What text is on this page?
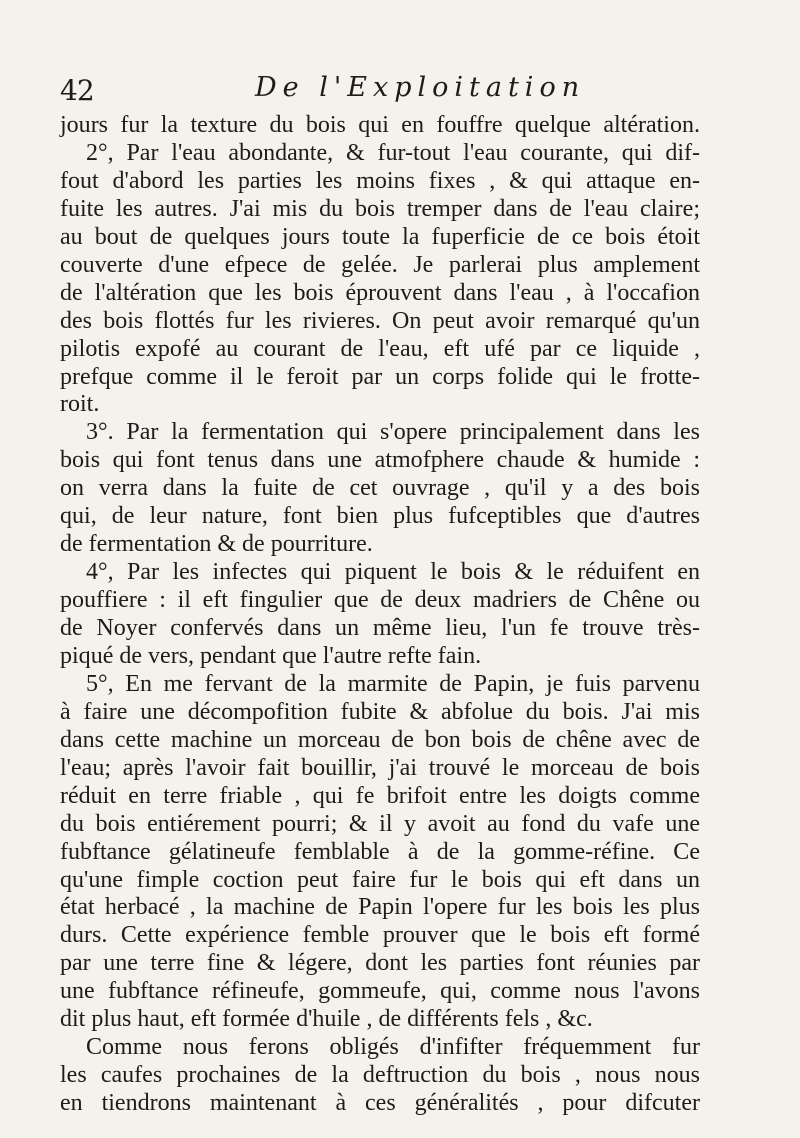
42	De l'Exploitation
jours fur la texture du bois qui en fouffre quelque altération.
2°, Par l'eau abondante, & fur-tout l'eau courante, qui dif-
fout d'abord les parties les moins fixes , & qui attaque en-
fuite les autres. J'ai mis du bois tremper dans de l'eau claire;
au bout de quelques jours toute la fuperficie de ce bois étoit
couverte d'une efpece de gelée. Je parlerai plus amplement
de l'altération que les bois éprouvent dans l'eau , à l'occafion
des bois flottés fur les rivieres. On peut avoir remarqué qu'un
pilotis expofé au courant de l'eau, eft ufé par ce liquide ,
prefque comme il le feroit par un corps folide qui le frotte-
roit.
3°. Par la fermentation qui s'opere principalement dans les
bois qui font tenus dans une atmofphere chaude & humide :
on verra dans la fuite de cet ouvrage , qu'il y a des bois
qui, de leur nature, font bien plus fufceptibles que d'autres
de fermentation & de pourriture.
4°, Par les infectes qui piquent le bois & le réduifent en
pouffiere : il eft fingulier que de deux madriers de Chêne ou
de Noyer confervés dans un même lieu, l'un fe trouve très-
piqué de vers, pendant que l'autre refte fain.
5°, En me fervant de la marmite de Papin, je fuis parvenu
à faire une décompofition fubite & abfolue du bois. J'ai mis
dans cette machine un morceau de bon bois de chêne avec de
l'eau; après l'avoir fait bouillir, j'ai trouvé le morceau de bois
réduit en terre friable , qui fe brifoit entre les doigts comme
du bois entiérement pourri; & il y avoit au fond du vafe une
fubftance gélatineufe femblable à de la gomme-réfine. Ce
qu'une fimple coction peut faire fur le bois qui eft dans un
état herbacé , la machine de Papin l'opere fur les bois les plus
durs. Cette expérience femble prouver que le bois eft formé
par une terre fine & légere, dont les parties font réunies par
une fubftance réfineufe, gommeufe, qui, comme nous l'avons
dit plus haut, eft formée d'huile , de différents fels , &c.
Comme nous ferons obligés d'infifter fréquemment fur
les caufes prochaines de la deftruction du bois , nous nous
en tiendrons maintenant à ces généralités , pour difcuter
